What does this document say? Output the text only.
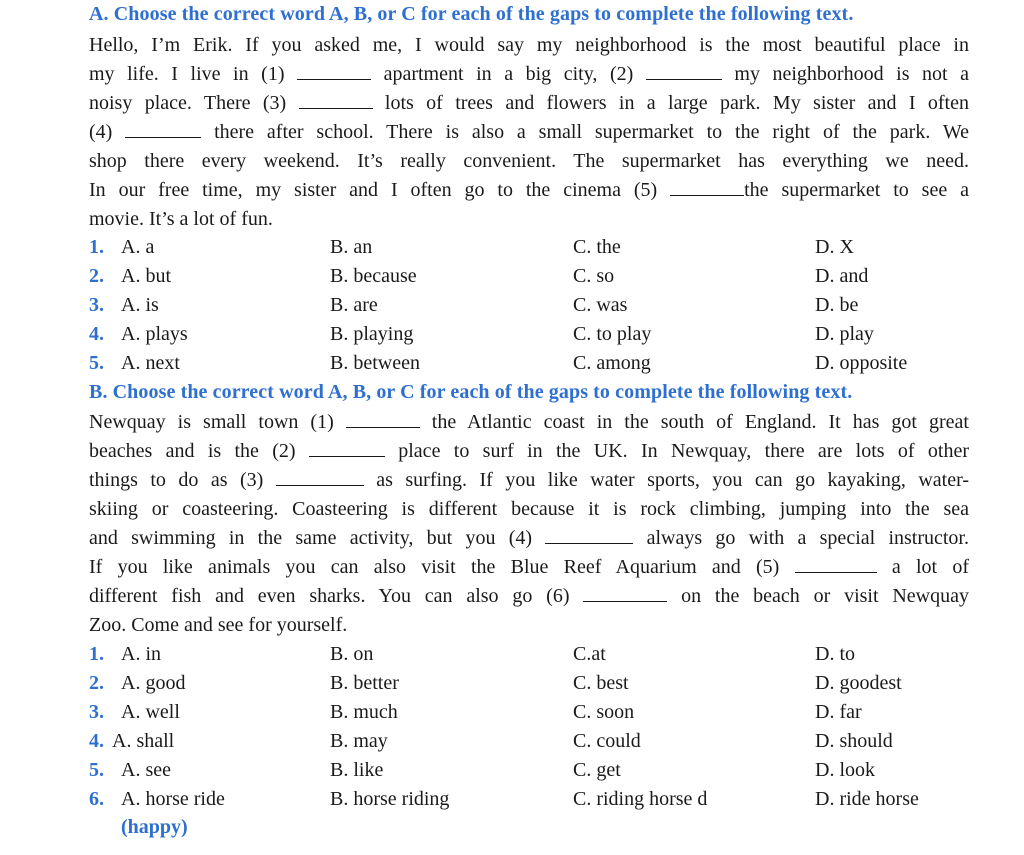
A. Choose the correct word A, B, or C for each of the gaps to complete the following text.
Hello, I’m Erik. If you asked me, I would say my neighborhood is the most beautiful place in
my life. I live in (1)	apartment in a big city, (2)	my neighborhood is not a
noisy place. There (3)	lots of trees and flowers in a large park. My sister and I often
(4)	there after school. There is also a small supermarket to the right of the park. We
shop there every weekend. It’s really convenient. The supermarket has everything we need.
In our free time, my sister and I often go to the cinema (5)	the supermarket to see a
movie. It’s a lot of fun.
1. A. a	B. an	C. the	D. X
2. A. but	B. because	C. so	D. and
3. A. is	B. are	C. was	D. be
4. A. plays	B. playing	C. to play	D. play
5. A. next	B. between	C. among	D. opposite
B. Choose the correct word A, B, or C for each of the gaps to complete the following text.
Newquay is small town (1)	the Atlantic coast in the south of England. It has got great
beaches and is the (2)	place to surf in the UK. In Newquay, there are lots of other
things to do as (3)	as surfing. If you like water sports, you can go kayaking, water-
skiing or coasteering. Coasteering is different because it is rock climbing, jumping into the sea
and swimming in the same activity, but you (4)	always go with a special instructor.
If you like animals you can also visit the Blue Reef Aquarium and (5)	a lot of
different fish and even sharks. You can also go (6)	on the beach or visit Newquay
Zoo. Come and see for yourself.
1. A. in	B. on	C.at	D. to
2. A. good	B. better	C. best	D. goodest
3. A. well	B. much	C. soon	D. far
4. A. shall	B. may	C. could	D. should
5. A. see	B. like	C. get	D. look
6. A. horse ride	B. horse riding	C. riding horse d	D. ride horse
(happy)
